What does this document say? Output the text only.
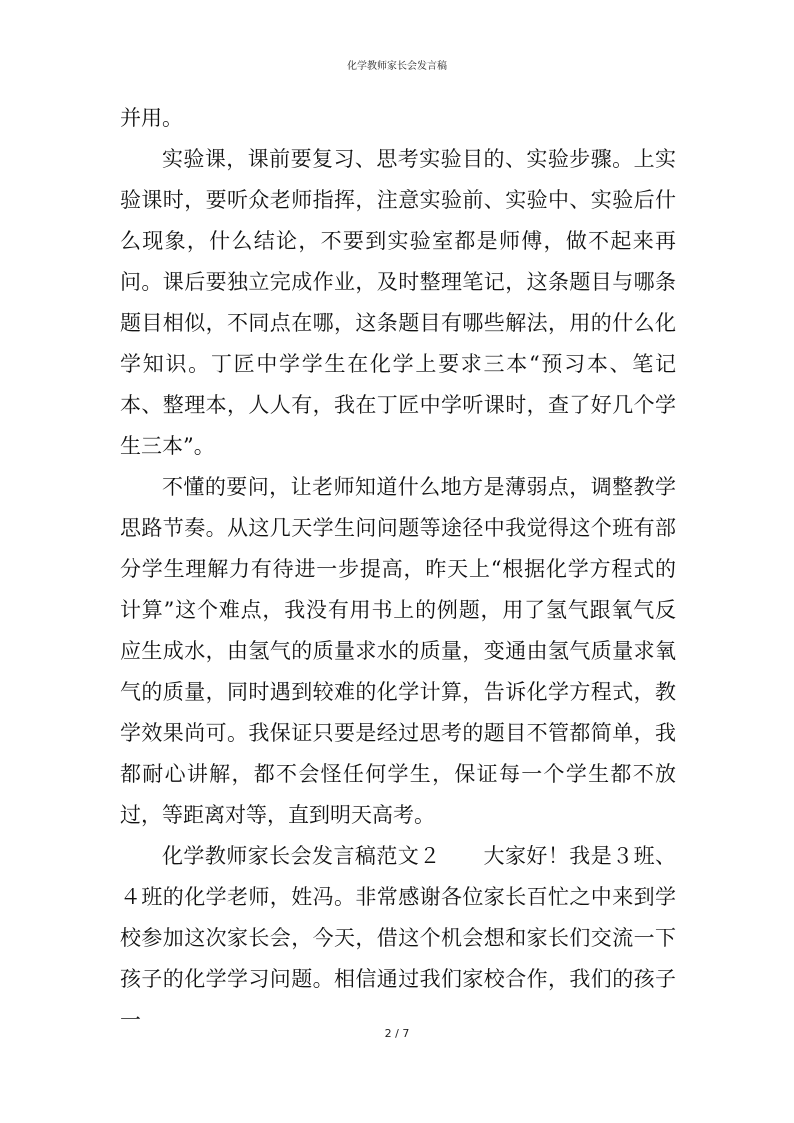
化学教师家长会发言稿

并用。

实验课，课前要复习、思考实验目的、实验步骤。上实验课时，要听众老师指挥，注意实验前、实验中、实验后什么现象，什么结论，不要到实验室都是师傅，做不起来再问。课后要独立完成作业，及时整理笔记，这条题目与哪条题目相似，不同点在哪，这条题目有哪些解法，用的什么化学知识。丁匠中学学生在化学上要求三本“预习本、笔记本、整理本，人人有，我在丁匠中学听课时，查了好几个学生三本”。

不懂的要问，让老师知道什么地方是薄弱点，调整教学思路节奏。从这几天学生问问题等途径中我觉得这个班有部分学生理解力有待进一步提高，昨天上“根据化学方程式的计算”这个难点，我没有用书上的例题，用了氢气跟氧气反应生成水，由氢气的质量求水的质量，变通由氢气质量求氧气的质量，同时遇到较难的化学计算，告诉化学方程式，教学效果尚可。我保证只要是经过思考的题目不管都简单，我都耐心讲解，都不会怪任何学生，保证每一个学生都不放过，等距离对等，直到明天高考。

化学教师家长会发言稿范文２　　大家好！我是３班、４班的化学老师，姓冯。非常感谢各位家长百忙之中来到学校参加这次家长会，今天，借这个机会想和家长们交流一下孩子的化学学习问题。相信通过我们家校合作，我们的孩子一

2 / 7
